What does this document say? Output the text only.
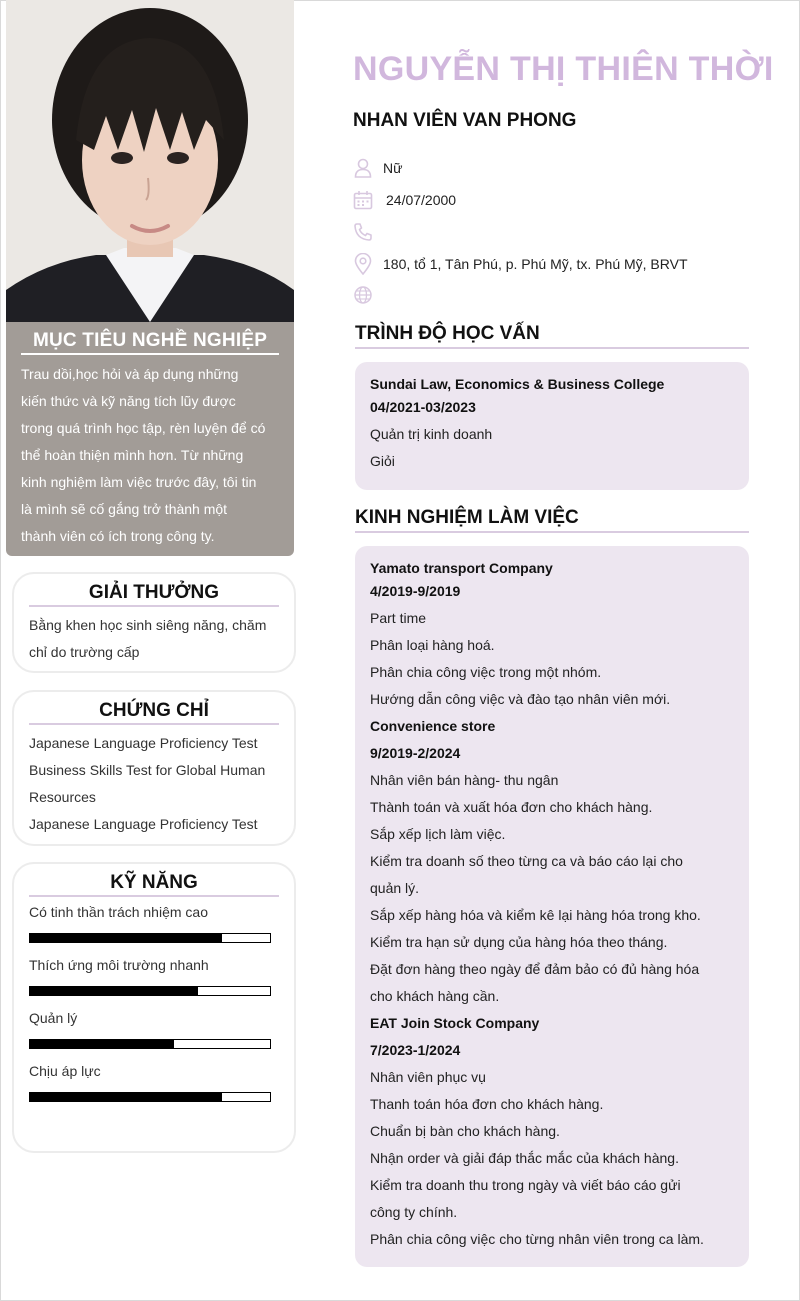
MỤC TIÊU NGHỀ NGHIỆP

Trau dồi,học hỏi và áp dụng những

kiến thức và kỹ năng tích lũy được

trong quá trình học tập, rèn luyện để có

thể hoàn thiện mình hơn. Từ những

kinh nghiệm làm việc trước đây, tôi tin

là mình sẽ cố gắng trở thành một

thành viên có ích trong công ty.

GIẢI THƯỞNG
Bằng khen học sinh siêng năng, chăm
chỉ do trường cấp
CHỨNG CHỈ
Japanese Language Proficiency Test
Business Skills Test for Global Human
Resources
Japanese Language Proficiency Test
KỸ NĂNG
Có tinh thần trách nhiệm cao
Thích ứng môi trường nhanh
Quản lý
Chịu áp lực
NGUYỄN THỊ THIÊN THỜI
NHAN VIÊN VAN PHONG
Nữ
24/07/2000
180, tổ 1, Tân Phú, p. Phú Mỹ, tx. Phú Mỹ, BRVT
TRÌNH ĐỘ HỌC VẤN
Sundai Law, Economics & Business College
04/2021-03/2023
Quản trị kinh doanh
Giỏi
KINH NGHIỆM LÀM VIỆC
Yamato transport Company
4/2019-9/2019
Part time
Phân loại hàng hoá.
Phân chia công việc trong một nhóm.
Hướng dẫn công việc và đào tạo nhân viên mới.
Convenience store
9/2019-2/2024
Nhân viên bán hàng- thu ngân
Thành toán và xuất hóa đơn cho khách hàng.
Sắp xếp lịch làm việc.
Kiểm tra doanh số theo từng ca và báo cáo lại cho
quản lý.
Sắp xếp hàng hóa và kiểm kê lại hàng hóa trong kho.
Kiểm tra hạn sử dụng của hàng hóa theo tháng.
Đặt đơn hàng theo ngày để đảm bảo có đủ hàng hóa
cho khách hàng cần.
EAT Join Stock Company
7/2023-1/2024
Nhân viên phục vụ
Thanh toán hóa đơn cho khách hàng.
Chuẩn bị bàn cho khách hàng.
Nhận order và giải đáp thắc mắc của khách hàng.
Kiểm tra doanh thu trong ngày và viết báo cáo gửi
công ty chính.
Phân chia công việc cho từng nhân viên trong ca làm.
